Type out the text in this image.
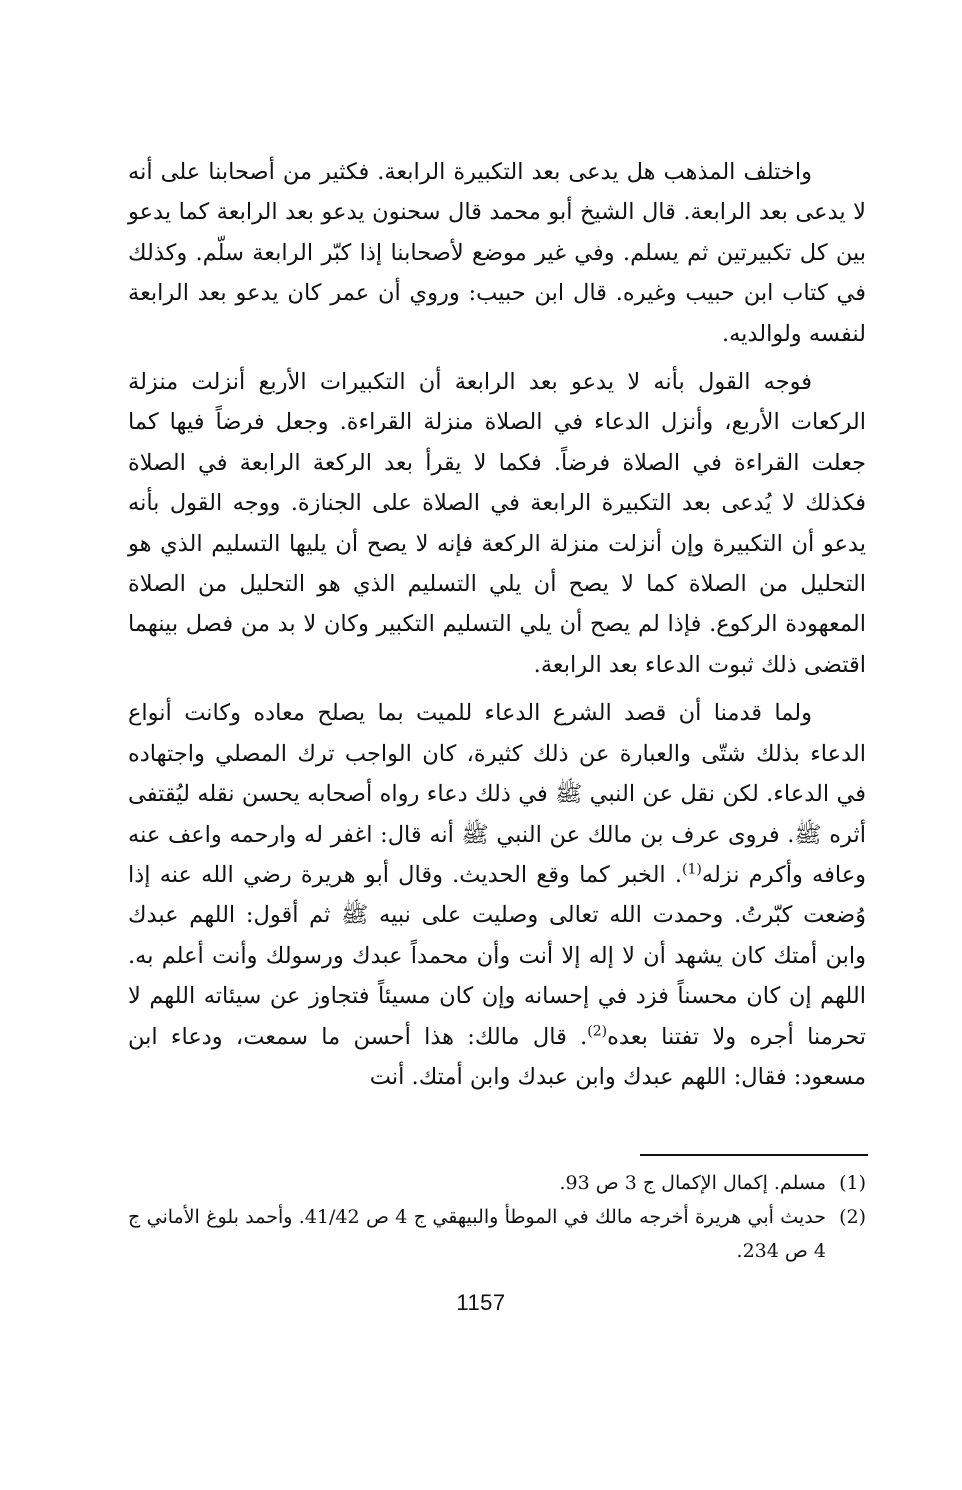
واختلف المذهب هل يدعى بعد التكبيرة الرابعة. فكثير من أصحابنا على أنه لا يدعى بعد الرابعة. قال الشيخ أبو محمد قال سحنون يدعو بعد الرابعة كما يدعو بين كل تكبيرتين ثم يسلم. وفي غير موضع لأصحابنا إذا كبّر الرابعة سلّم. وكذلك في كتاب ابن حبيب وغيره. قال ابن حبيب: وروي أن عمر كان يدعو بعد الرابعة لنفسه ولوالديه.

فوجه القول بأنه لا يدعو بعد الرابعة أن التكبيرات الأربع أنزلت منزلة الركعات الأربع، وأنزل الدعاء في الصلاة منزلة القراءة. وجعل فرضاً فيها كما جعلت القراءة في الصلاة فرضاً. فكما لا يقرأ بعد الركعة الرابعة في الصلاة فكذلك لا يُدعى بعد التكبيرة الرابعة في الصلاة على الجنازة. ووجه القول بأنه يدعو أن التكبيرة وإن أنزلت منزلة الركعة فإنه لا يصح أن يليها التسليم الذي هو التحليل من الصلاة كما لا يصح أن يلي التسليم الذي هو التحليل من الصلاة المعهودة الركوع. فإذا لم يصح أن يلي التسليم التكبير وكان لا بد من فصل بينهما اقتضى ذلك ثبوت الدعاء بعد الرابعة.

ولما قدمنا أن قصد الشرع الدعاء للميت بما يصلح معاده وكانت أنواع الدعاء بذلك شتّى والعبارة عن ذلك كثيرة، كان الواجب ترك المصلي واجتهاده في الدعاء. لكن نقل عن النبي ﷺ في ذلك دعاء رواه أصحابه يحسن نقله ليُقتفى أثره ﷺ. فروى عرف بن مالك عن النبي ﷺ أنه قال: اغفر له وارحمه واعف عنه وعافه وأكرم نزله$^{(1)}$. الخبر كما وقع الحديث. وقال أبو هريرة رضي الله عنه إذا وُضعت كبّرتُ. وحمدت الله تعالى وصليت على نبيه ﷺ ثم أقول: اللهم عبدك وابن أمتك كان يشهد أن لا إله إلا أنت وأن محمداً عبدك ورسولك وأنت أعلم به. اللهم إن كان محسناً فزد في إحسانه وإن كان مسيئاً فتجاوز عن سيئاته اللهم لا تحرمنا أجره ولا تفتنا بعده$^{(2)}$. قال مالك: هذا أحسن ما سمعت، ودعاء ابن مسعود: فقال: اللهم عبدك وابن عبدك وابن أمتك. أنت

(1)
مسلم. إكمال الإكمال ج 3 ص 93.
(2)
حديث أبي هريرة أخرجه مالك في الموطأ والبيهقي ج 4 ص 41/42. وأحمد بلوغ الأماني ج 4 ص 234.
1157
